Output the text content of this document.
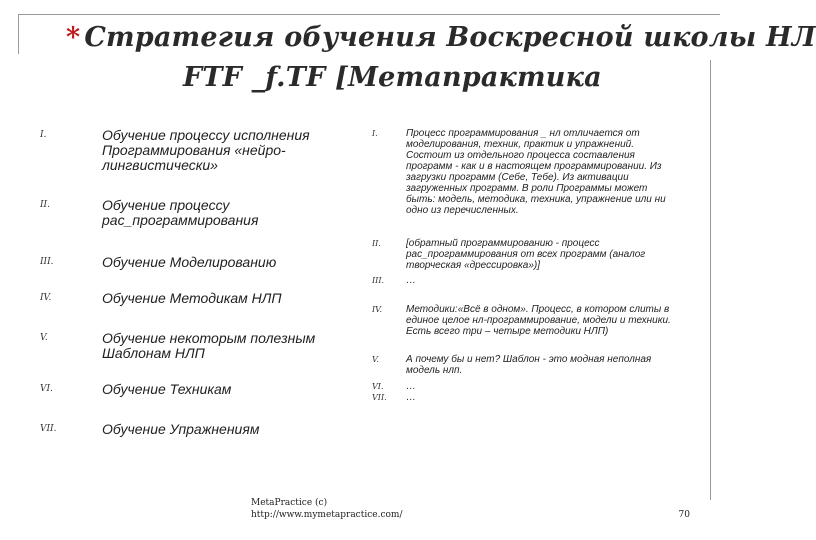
* Стратегия обучения Воскресной школы НЛ
FTF _f.TF [Метапрактика
I.	Обучение процессу исполнения Программирования «нейро-лингвистически»
II.	Обучение процессу рас_программирования
III.	Обучение Моделированию
IV.	Обучение Методикам НЛП
V.	Обучение некоторым полезным Шаблонам НЛП
VI.	Обучение Техникам
VII.	Обучение Упражнениям
I.	Процесс программирования _ нл отличается от моделирования, техник, практик и упражнений. Состоит из отдельного процесса составления программ - как и в настоящем программировании. Из загрузки программ (Себе, Тебе). Из активации загруженных программ. В роли Программы может быть: модель, методика, техника, упражнение или ни одно из перечисленных.
II.	[обратный программированию - процесс рас_программирования от всех программ (аналог творческая «дрессировка»)]
III.	…
IV.	Методики:«Всё в одном». Процесс, в котором слиты в единое целое нл-программирование, модели и техники. Есть всего три – четыре методики НЛП)
V.	А почему бы и нет? Шаблон - это модная неполная модель нлп.
VI.	…
VII.	…
MetaPractice (c)
http://www.mymetapractice.com/	70
